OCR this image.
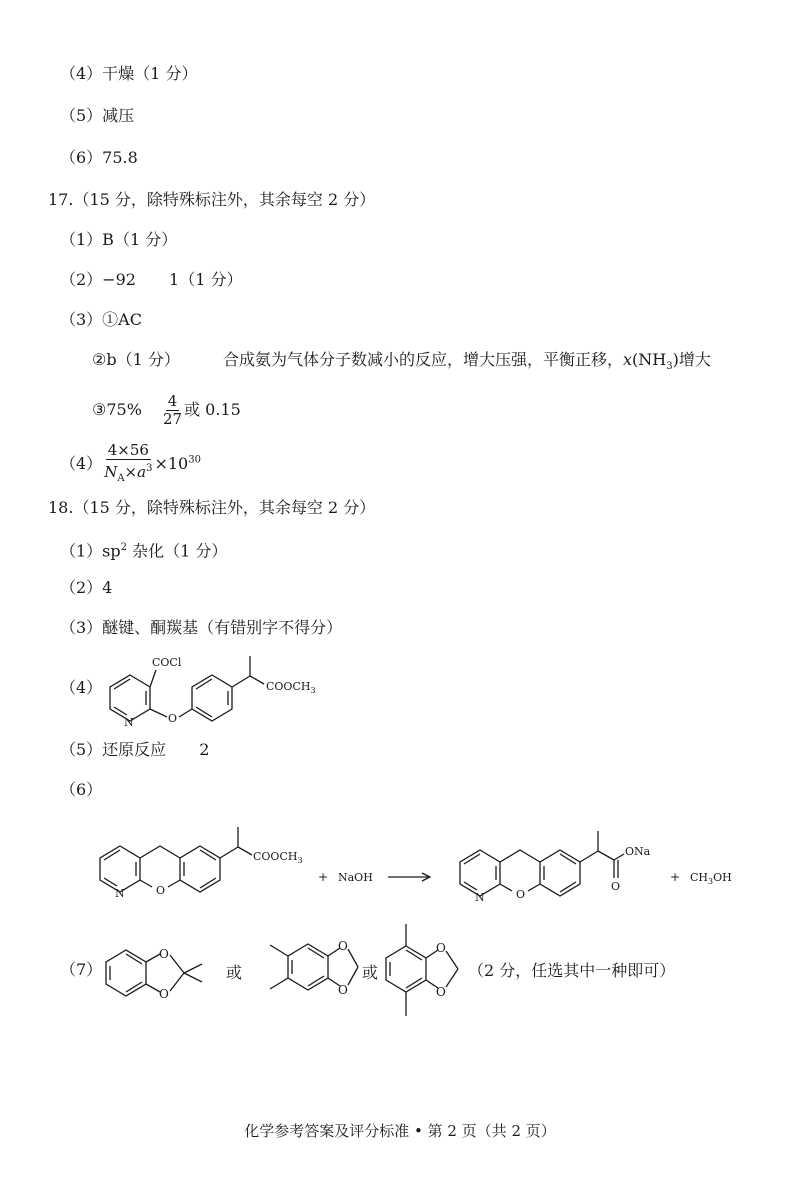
（4）干燥（1 分）
（5）减压
（6）75.8
17.（15 分，除特殊标注外，其余每空 2 分）
（1）B（1 分）
（2）−92 1（1 分）
（3）①AC
②b（1 分）	合成氨为气体分子数减小的反应，增大压强，平衡正移，$x(NH_3)$增大
③75% $\frac{4}{27}$ 或 0.15
$(4) \frac{4\times 56}{N_A\times a^3} \times 10^{30}$
18.（15 分，除特殊标注外，其余每空 2 分）
$(1)sp^2$ 杂化（1 分）
（2）4
（3）醚键、酮羰基（有错别字不得分）
（4）
COCl
N	O
$COOCH_3$
（5）还原反应 2
（6）
N	O
$COOCH_3$
+ NaOH
N	O
ONa
O
+ $CH_3OH$
（7）
O
O
或
O
O
或
O
O
（2 分，任选其中一种即可）
化学参考答案及评分标准 • 第 2 页（共 2 页）
